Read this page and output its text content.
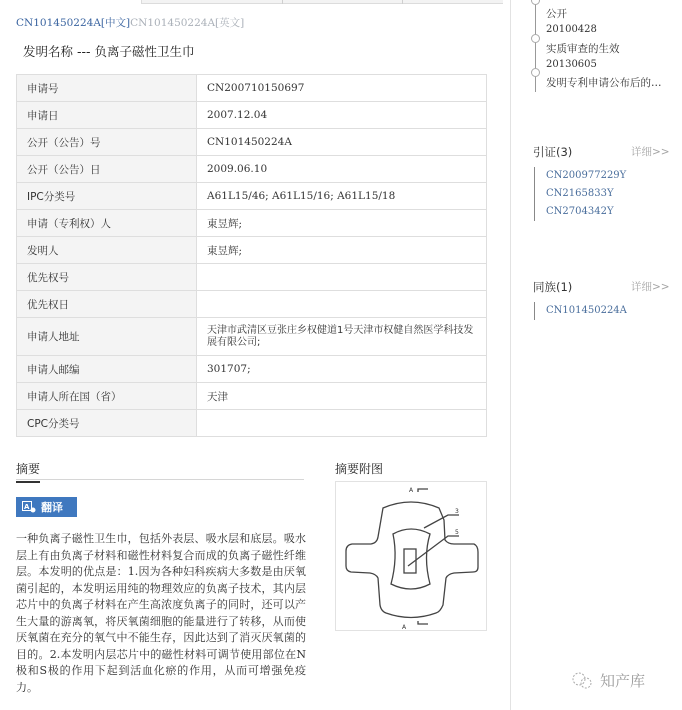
CN101450224A[中文]CN101450224A[英文]
发明名称 --- 负离子磁性卫生巾
申请号	CN200710150697
申请日	2007.12.04
公开（公告）号	CN101450224A
公开（公告）日	2009.06.10
IPC分类号	A61L15/46; A61L15/16; A61L15/18
申请（专利权）人	東昱辉;
发明人	東昱辉;
优先权号	
优先权日	
申请人地址	天津市武清区豆张庄乡权健道1号天津市权健自然医学科技发展有限公司;
申请人邮编	301707;
申请人所在国（省）	天津
CPC分类号	
摘要
A 翻译
一种负离子磁性卫生巾，包括外表层、吸水层和底层。吸水层上有由负离子材料和磁性材料复合而成的负离子磁性纤维层。本发明的优点是：1.因为各种妇科疾病大多数是由厌氧菌引起的，本发明运用纯的物理效应的负离子技术，其内层芯片中的负离子材料在产生高浓度负离子的同时，还可以产生大量的游离氧，将厌氧菌细胞的能量进行了转移，从而使厌氧菌在充分的氧气中不能生存，因此达到了消灭厌氧菌的目的。2.本发明内层芯片中的磁性材料可调节使用部位在N极和S极的作用下起到活血化瘀的作用，从而可增强免疫力。
摘要附图
A
A
3
5
公开
20100428
实质审查的生效
20130605
发明专利申请公布后的…
引证(3)	详细>>
CN200977229Y
CN2165833Y
CN2704342Y
同族(1)	详细>>
CN101450224A
知产库
